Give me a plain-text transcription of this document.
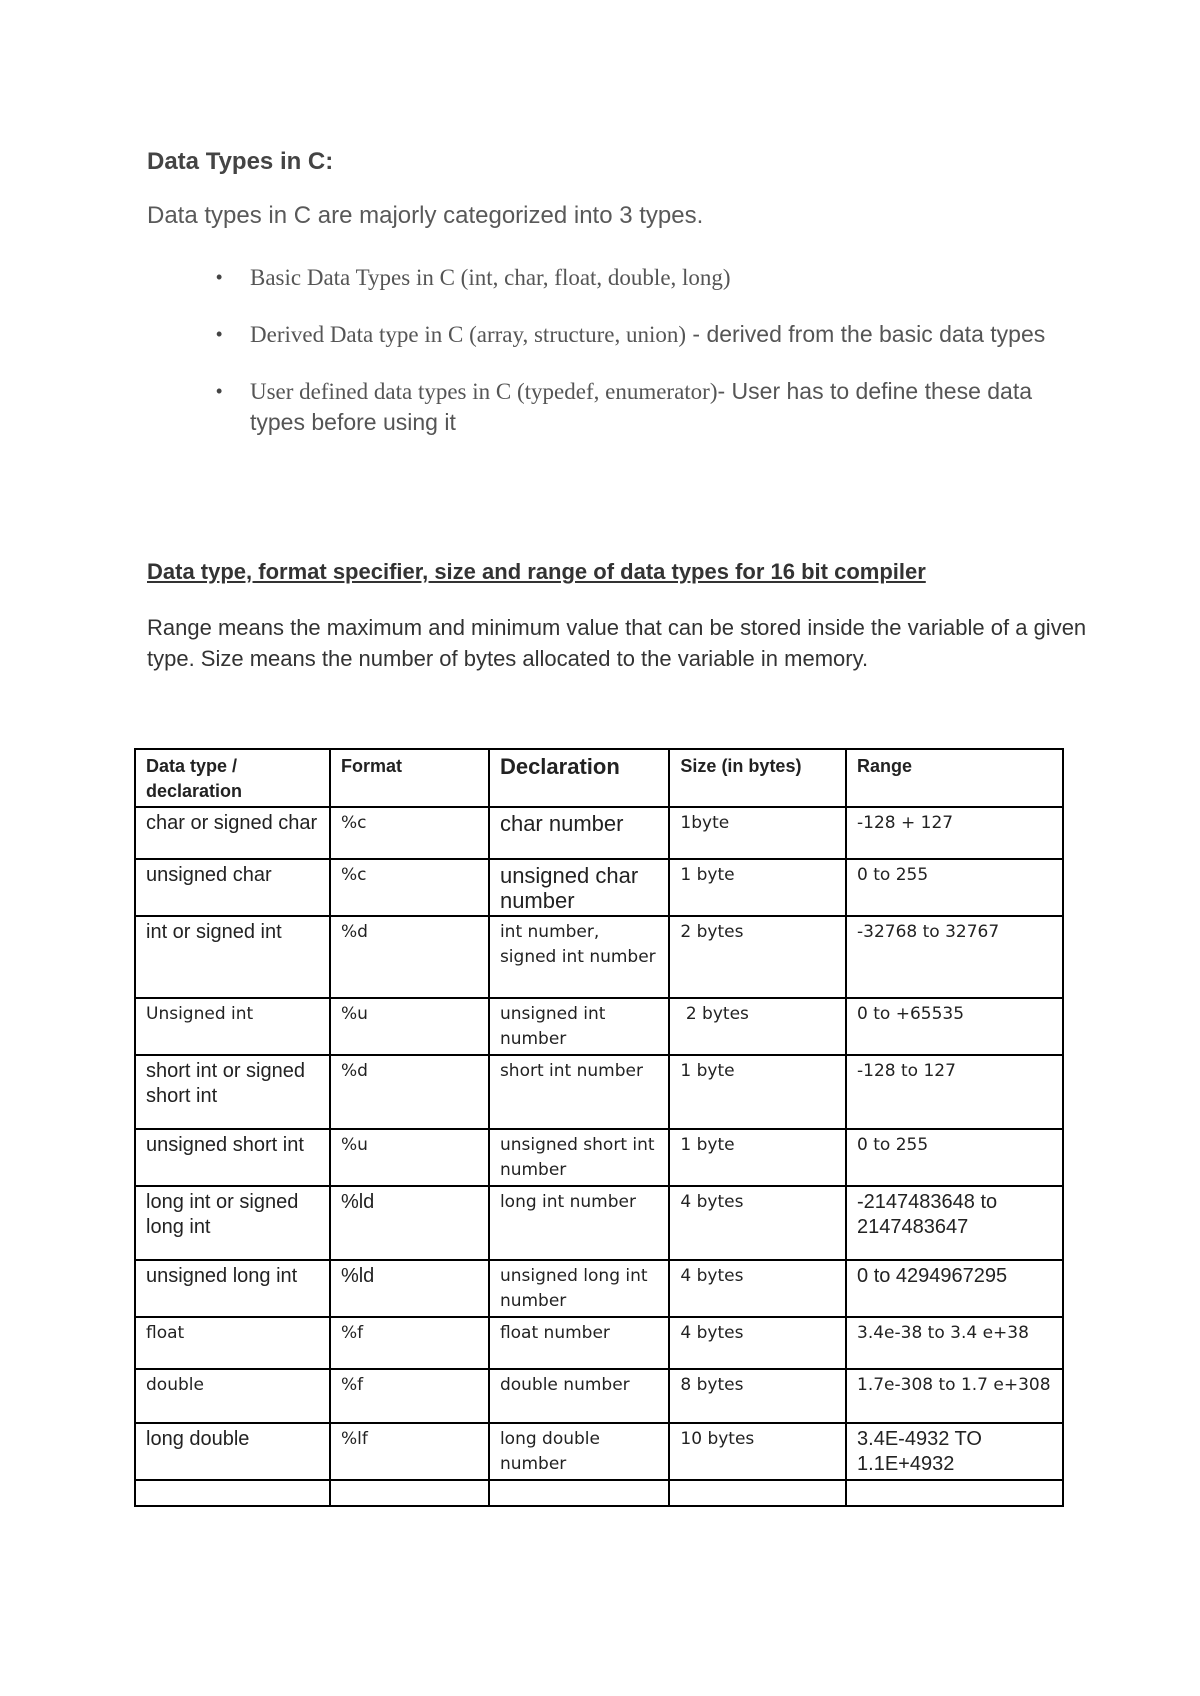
Data Types in C:
Data types in C are majorly categorized into 3 types.
• Basic Data Types in C (int, char, float, double, long)
• Derived Data type in C (array, structure, union) - derived from the basic data types
• User defined data types in C (typedef, enumerator)- User has to define these data types before using it
Data type, format specifier, size and range of data types for 16 bit compiler
Range means the maximum and minimum value that can be stored inside the variable of a given type. Size means the number of bytes allocated to the variable in memory.
Data type / declaration	Format	Declaration	Size (in bytes)	Range
char or signed char	%c	char number	1byte	-128 + 127
unsigned char	%c	unsigned char number	1 byte	0 to 255
int or signed int	%d	int number, signed int number	2 bytes	-32768 to 32767
Unsigned int	%u	unsigned int number	2 bytes	0 to +65535
short int or signed short int	%d	short int number	1 byte	-128 to 127
unsigned short int	%u	unsigned short int number	1 byte	0 to 255
long int or signed long int	%ld	long int number	4 bytes	-2147483648 to 2147483647
unsigned long int	%ld	unsigned long int number	4 bytes	0 to 4294967295
float	%f	float number	4 bytes	3.4e-38 to 3.4 e+38
double	%f	double number	8 bytes	1.7e-308 to 1.7 e+308
long double	%lf	long double number	10 bytes	3.4E-4932 TO 1.1E+4932
